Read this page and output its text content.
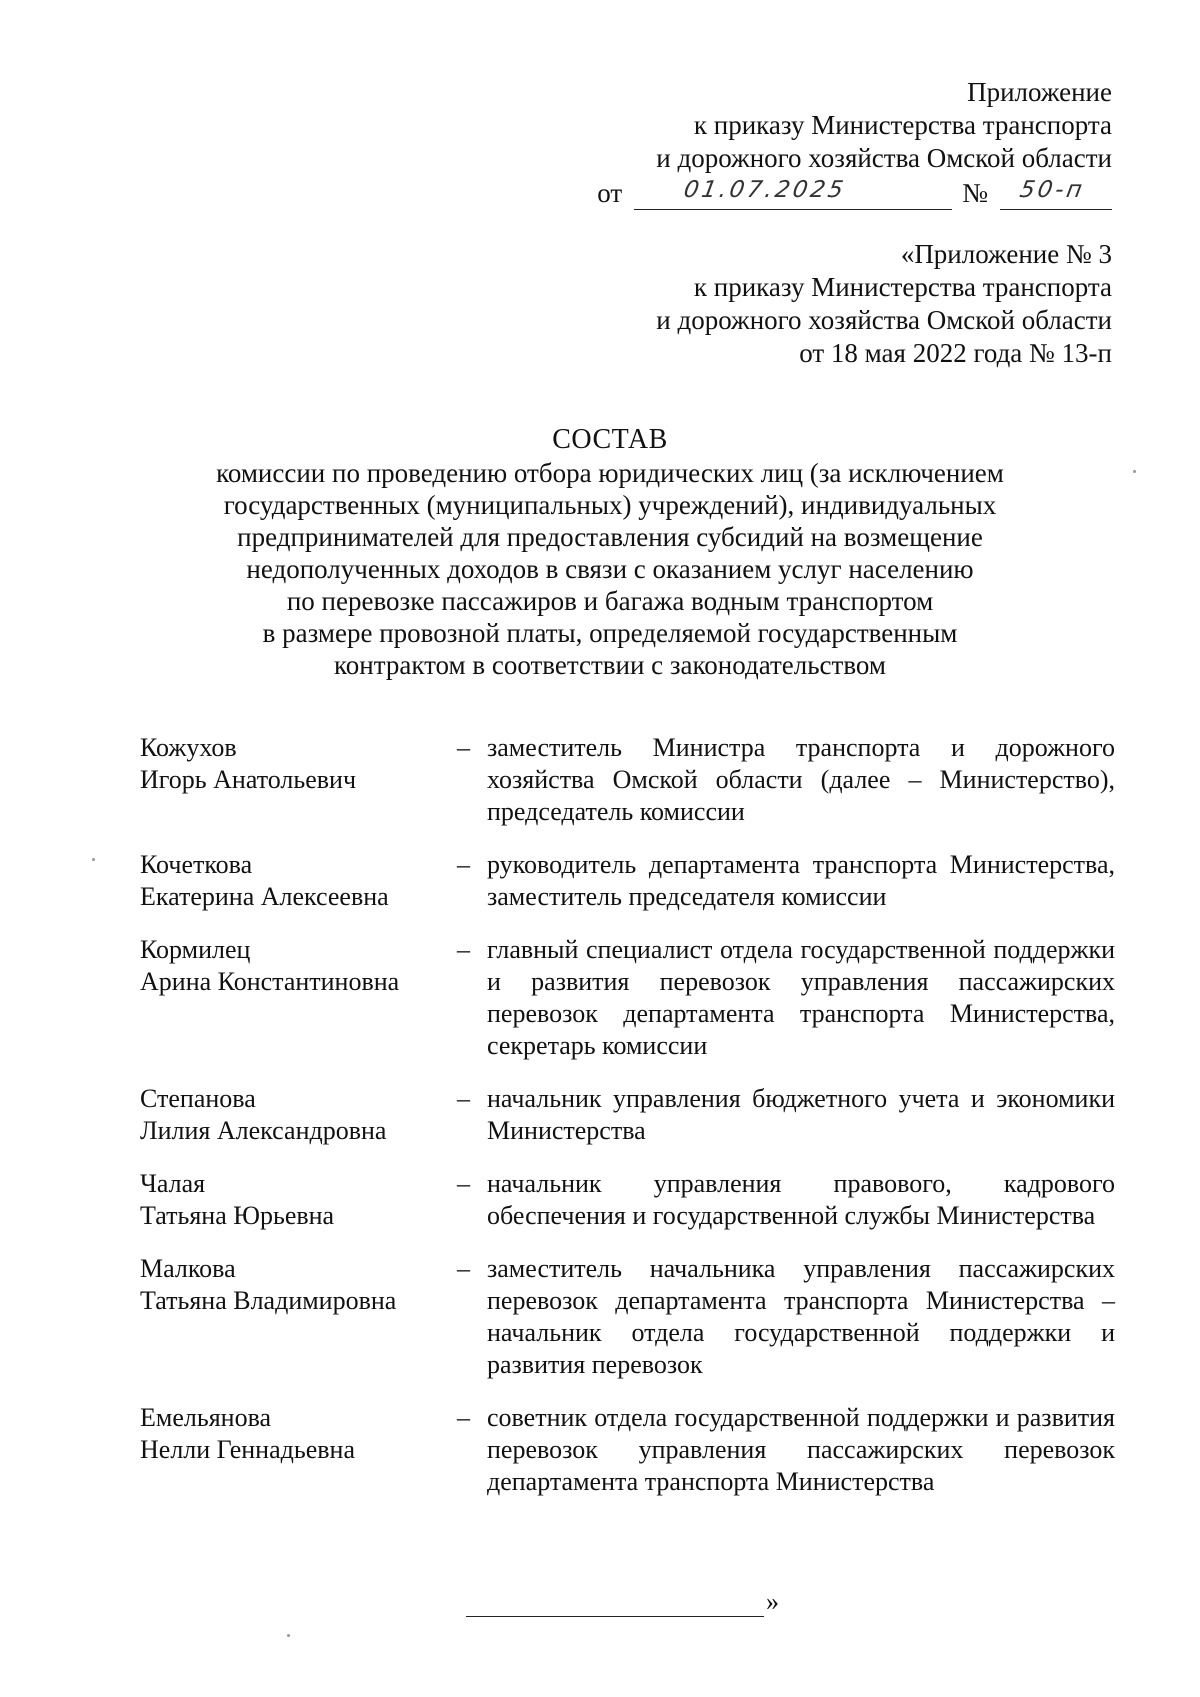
Приложение
к приказу Министерства транспорта
и дорожного хозяйства Омской области
от	01.07.2025	№ 50-п
«Приложение № 3
к приказу Министерства транспорта
и дорожного хозяйства Омской области
от 18 мая 2022 года № 13-п
СОСТАВ
комиссии по проведению отбора юридических лиц (за исключением
государственных (муниципальных) учреждений), индивидуальных
предпринимателей для предоставления субсидий на возмещение
недополученных доходов в связи с оказанием услуг населению
по перевозке пассажиров и багажа водным транспортом
в размере провозной платы, определяемой государственным
контрактом в соответствии с законодательством
Кожухов
Игорь Анатольевич
– заместитель Министра транспорта и дорожного хозяйства Омской области (далее – Министерство), председатель комиссии
Кочеткова
Екатерина Алексеевна
– руководитель департамента транспорта Министерства, заместитель председателя комиссии
Кормилец
Арина Константиновна
– главный специалист отдела государственной поддержки и развития перевозок управления пассажирских перевозок департамента транспорта Министерства, секретарь комиссии
Степанова
Лилия Александровна
– начальник управления бюджетного учета и экономики Министерства
Чалая
Татьяна Юрьевна
– начальник управления правового, кадрового обеспечения и государственной службы Министерства
Малкова
Татьяна Владимировна
– заместитель начальника управления пассажирских перевозок департамента транспорта Министерства – начальник отдела государственной поддержки и развития перевозок
Емельянова
Нелли Геннадьевна
– советник отдела государственной поддержки и развития перевозок управления пассажирских перевозок департамента транспорта Министерства
»
